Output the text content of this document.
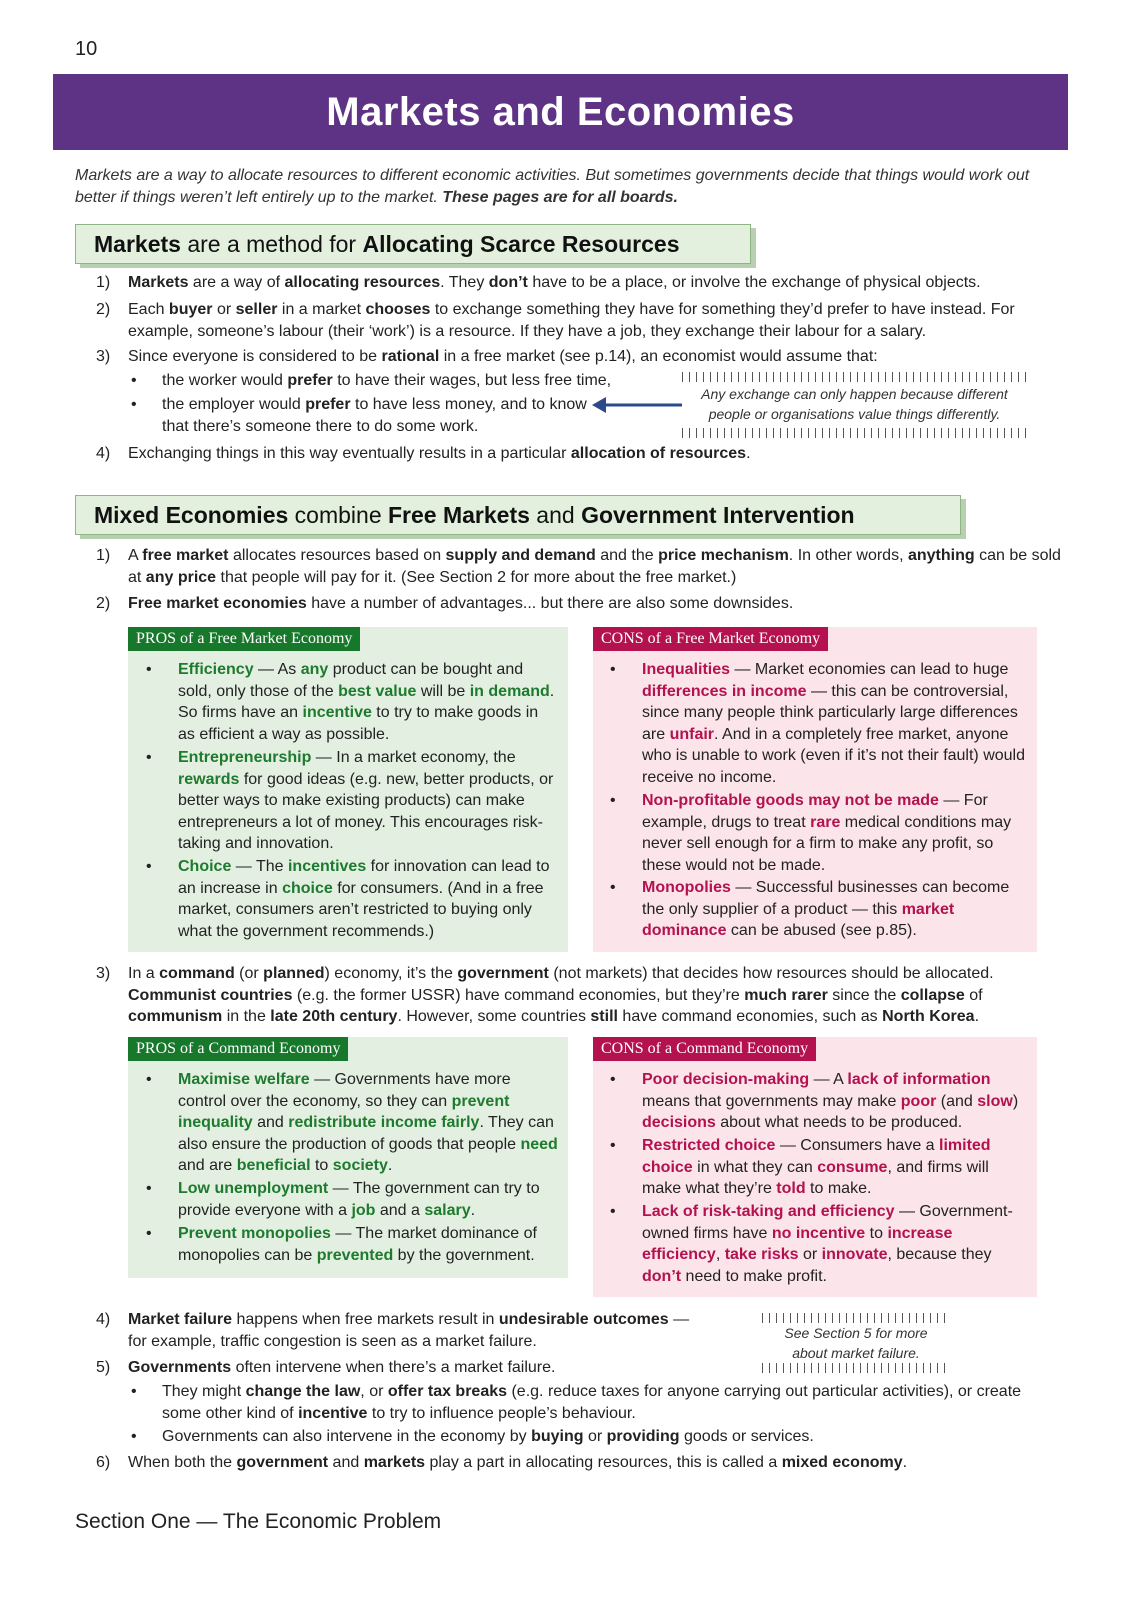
10
Markets and Economies
Markets are a way to allocate resources to different economic activities. But sometimes governments decide that things would work out better if things weren’t left entirely up to the market. These pages are for all boards.
Markets are a method for Allocating Scarce Resources
1) Markets are a way of allocating resources. They don’t have to be a place, or involve the exchange of physical objects.
2) Each buyer or seller in a market chooses to exchange something they have for something they’d prefer to have instead. For example, someone’s labour (their ‘work’) is a resource. If they have a job, they exchange their labour for a salary.
3) Since everyone is considered to be rational in a free market (see p.14), an economist would assume that:
• the worker would prefer to have their wages, but less free time,
• the employer would prefer to have less money, and to know that there’s someone there to do some work.
Any exchange can only happen because different people or organisations value things differently.
4) Exchanging things in this way eventually results in a particular allocation of resources.
Mixed Economies combine Free Markets and Government Intervention
1) A free market allocates resources based on supply and demand and the price mechanism. In other words, anything can be sold at any price that people will pay for it. (See Section 2 for more about the free market.)
2) Free market economies have a number of advantages... but there are also some downsides.
PROS of a Free Market Economy
• Efficiency — As any product can be bought and sold, only those of the best value will be in demand. So firms have an incentive to try to make goods in as efficient a way as possible.
• Entrepreneurship — In a market economy, the rewards for good ideas (e.g. new, better products, or better ways to make existing products) can make entrepreneurs a lot of money. This encourages risk-taking and innovation.
• Choice — The incentives for innovation can lead to an increase in choice for consumers. (And in a free market, consumers aren’t restricted to buying only what the government recommends.)
CONS of a Free Market Economy
• Inequalities — Market economies can lead to huge differences in income — this can be controversial, since many people think particularly large differences are unfair. And in a completely free market, anyone who is unable to work (even if it’s not their fault) would receive no income.
• Non-profitable goods may not be made — For example, drugs to treat rare medical conditions may never sell enough for a firm to make any profit, so these would not be made.
• Monopolies — Successful businesses can become the only supplier of a product — this market dominance can be abused (see p.85).
3) In a command (or planned) economy, it’s the government (not markets) that decides how resources should be allocated. Communist countries (e.g. the former USSR) have command economies, but they’re much rarer since the collapse of communism in the late 20th century. However, some countries still have command economies, such as North Korea.
PROS of a Command Economy
• Maximise welfare — Governments have more control over the economy, so they can prevent inequality and redistribute income fairly. They can also ensure the production of goods that people need and are beneficial to society.
• Low unemployment — The government can try to provide everyone with a job and a salary.
• Prevent monopolies — The market dominance of monopolies can be prevented by the government.
CONS of a Command Economy
• Poor decision-making — A lack of information means that governments may make poor (and slow) decisions about what needs to be produced.
• Restricted choice — Consumers have a limited choice in what they can consume, and firms will make what they’re told to make.
• Lack of risk-taking and efficiency — Government-owned firms have no incentive to increase efficiency, take risks or innovate, because they don’t need to make profit.
4) Market failure happens when free markets result in undesirable outcomes — for example, traffic congestion is seen as a market failure.	See Section 5 for more about market failure.
5) Governments often intervene when there’s a market failure.
• They might change the law, or offer tax breaks (e.g. reduce taxes for anyone carrying out particular activities), or create some other kind of incentive to try to influence people’s behaviour.
• Governments can also intervene in the economy by buying or providing goods or services.
6) When both the government and markets play a part in allocating resources, this is called a mixed economy.
Section One — The Economic Problem
